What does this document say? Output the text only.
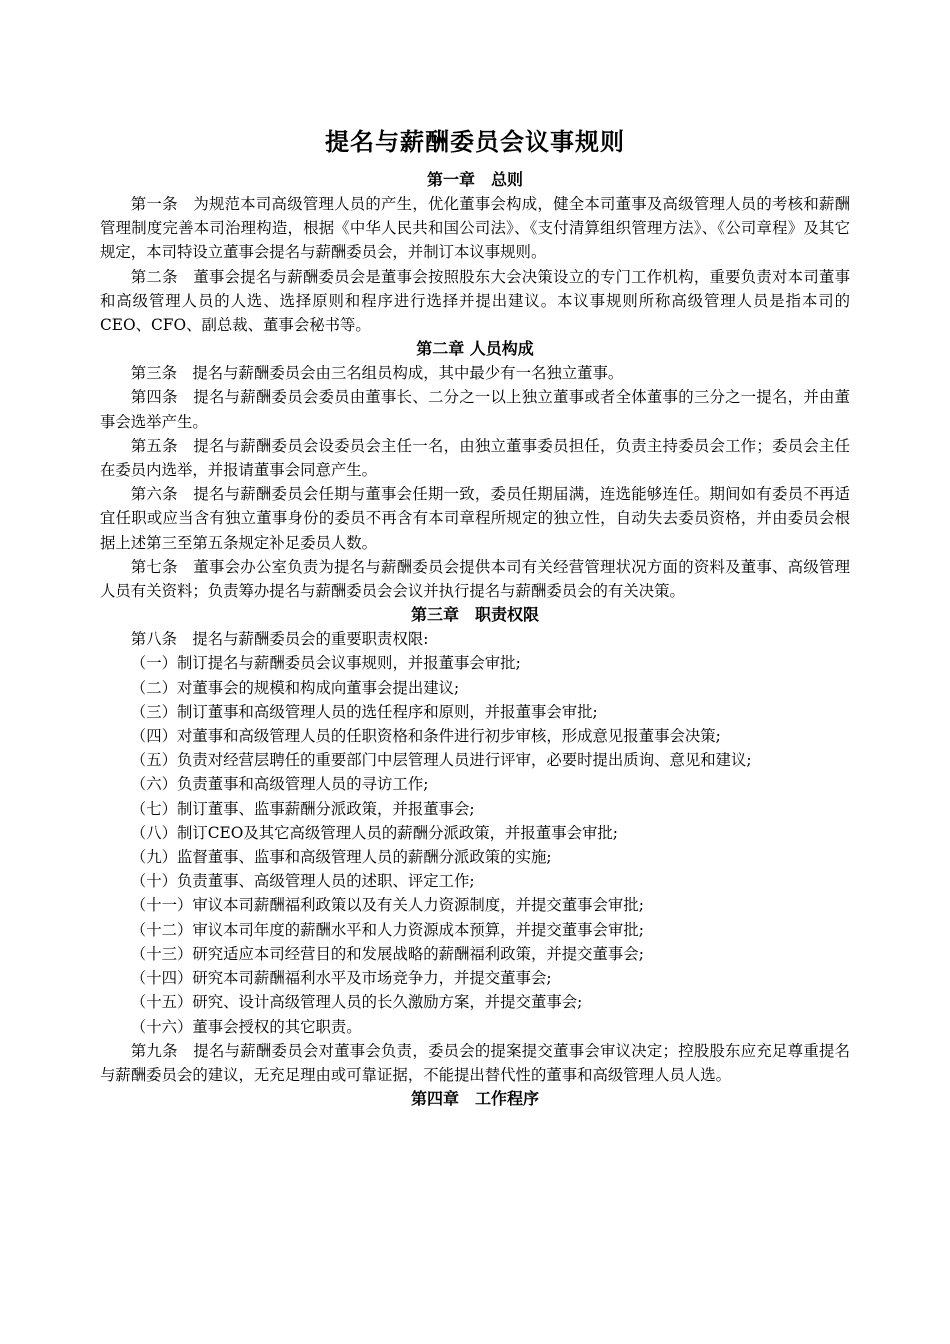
提名与薪酬委员会议事规则
第一章　总则

第一条　为规范本司高级管理人员的产生，优化董事会构成，健全本司董事及高级管理人员的考核和薪酬管理制度完善本司治理构造，根据《中华人民共和国公司法》、《支付清算组织管理方法》、《公司章程》及其它规定，本司特设立董事会提名与薪酬委员会，并制订本议事规则。

第二条　董事会提名与薪酬委员会是董事会按照股东大会决策设立的专门工作机构，重要负责对本司董事和高级管理人员的人选、选择原则和程序进行选择并提出建议。本议事规则所称高级管理人员是指本司的CEO、CFO、副总裁、董事会秘书等。

第二章 人员构成

第三条　提名与薪酬委员会由三名组员构成，其中最少有一名独立董事。

第四条　提名与薪酬委员会委员由董事长、二分之一以上独立董事或者全体董事的三分之一提名，并由董事会选举产生。

第五条　提名与薪酬委员会设委员会主任一名，由独立董事委员担任，负责主持委员会工作；委员会主任在委员内选举，并报请董事会同意产生。

第六条　提名与薪酬委员会任期与董事会任期一致，委员任期届满，连选能够连任。期间如有委员不再适宜任职或应当含有独立董事身份的委员不再含有本司章程所规定的独立性，自动失去委员资格，并由委员会根据上述第三至第五条规定补足委员人数。

第七条　董事会办公室负责为提名与薪酬委员会提供本司有关经营管理状况方面的资料及董事、高级管理人员有关资料；负责筹办提名与薪酬委员会会议并执行提名与薪酬委员会的有关决策。

第三章　职责权限

第八条　提名与薪酬委员会的重要职责权限:

（一）制订提名与薪酬委员会议事规则，并报董事会审批;

（二）对董事会的规模和构成向董事会提出建议;

（三）制订董事和高级管理人员的选任程序和原则，并报董事会审批;

（四）对董事和高级管理人员的任职资格和条件进行初步审核，形成意见报董事会决策;

（五）负责对经营层聘任的重要部门中层管理人员进行评审，必要时提出质询、意见和建议;

（六）负责董事和高级管理人员的寻访工作;

（七）制订董事、监事薪酬分派政策，并报董事会;

（八）制订CEO及其它高级管理人员的薪酬分派政策，并报董事会审批;

（九）监督董事、监事和高级管理人员的薪酬分派政策的实施;

（十）负责董事、高级管理人员的述职、评定工作;

（十一）审议本司薪酬福利政策以及有关人力资源制度，并提交董事会审批;

（十二）审议本司年度的薪酬水平和人力资源成本预算，并提交董事会审批;

（十三）研究适应本司经营目的和发展战略的薪酬福利政策，并提交董事会;

（十四）研究本司薪酬福利水平及市场竞争力，并提交董事会;

（十五）研究、设计高级管理人员的长久激励方案，并提交董事会;

（十六）董事会授权的其它职责。

第九条　提名与薪酬委员会对董事会负责，委员会的提案提交董事会审议决定；控股股东应充足尊重提名与薪酬委员会的建议，无充足理由或可靠证据，不能提出替代性的董事和高级管理人员人选。

第四章　工作程序
